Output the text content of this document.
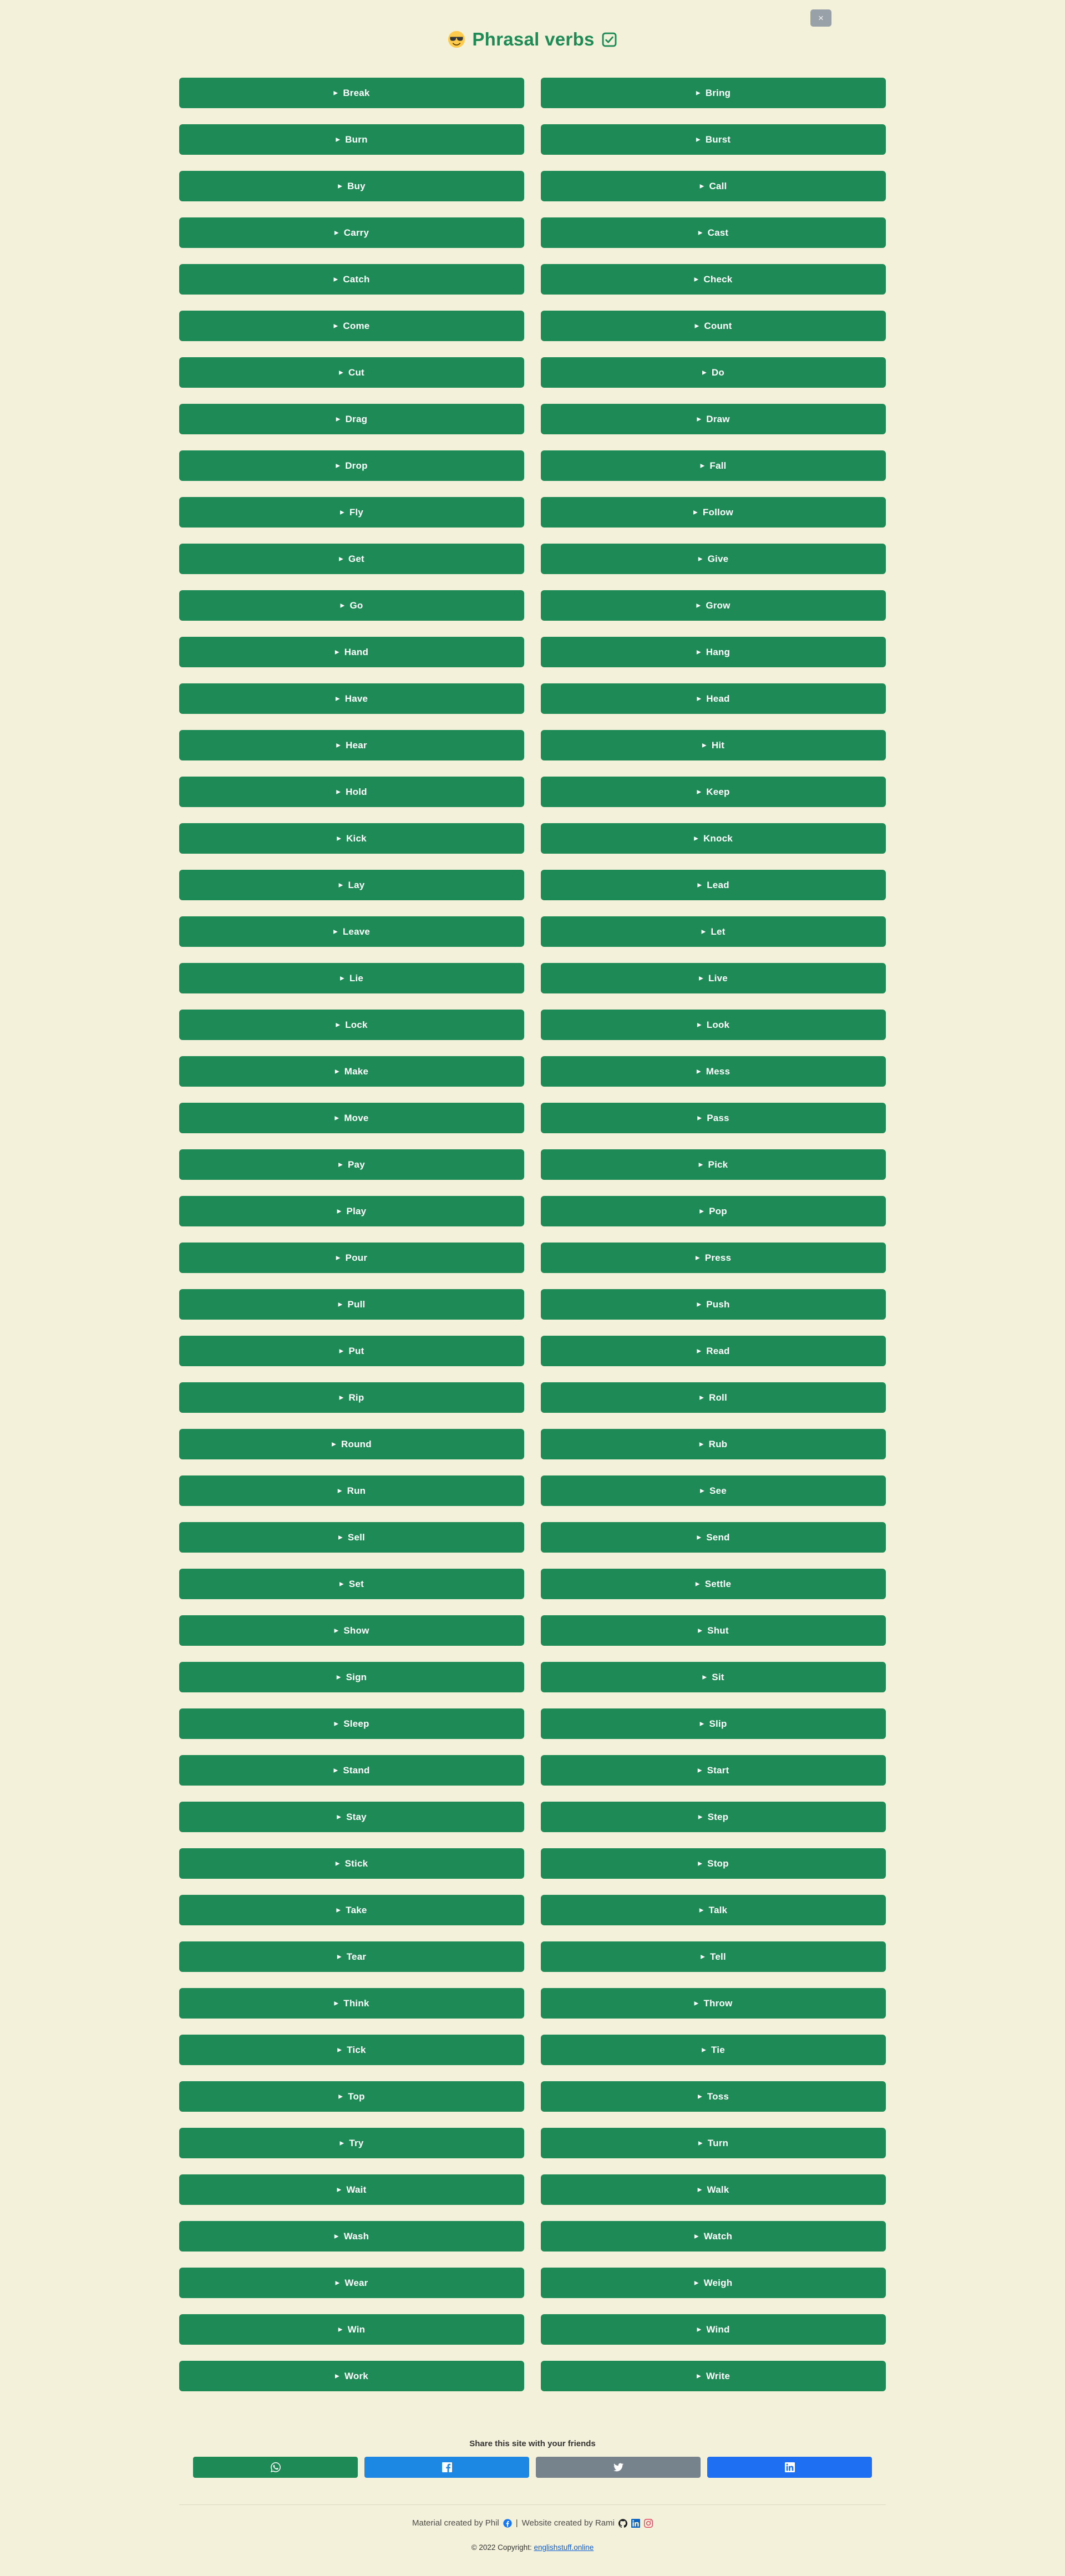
×
Phrasal verbs
▶ Break	▶ Bring
▶ Burn	▶ Burst
▶ Buy	▶ Call
▶ Carry	▶ Cast
▶ Catch	▶ Check
▶ Come	▶ Count
▶ Cut	▶ Do
▶ Drag	▶ Draw
▶ Drop	▶ Fall
▶ Fly	▶ Follow
▶ Get	▶ Give
▶ Go	▶ Grow
▶ Hand	▶ Hang
▶ Have	▶ Head
▶ Hear	▶ Hit
▶ Hold	▶ Keep
▶ Kick	▶ Knock
▶ Lay	▶ Lead
▶ Leave	▶ Let
▶ Lie	▶ Live
▶ Lock	▶ Look
▶ Make	▶ Mess
▶ Move	▶ Pass
▶ Pay	▶ Pick
▶ Play	▶ Pop
▶ Pour	▶ Press
▶ Pull	▶ Push
▶ Put	▶ Read
▶ Rip	▶ Roll
▶ Round	▶ Rub
▶ Run	▶ See
▶ Sell	▶ Send
▶ Set	▶ Settle
▶ Show	▶ Shut
▶ Sign	▶ Sit
▶ Sleep	▶ Slip
▶ Stand	▶ Start
▶ Stay	▶ Step
▶ Stick	▶ Stop
▶ Take	▶ Talk
▶ Tear	▶ Tell
▶ Think	▶ Throw
▶ Tick	▶ Tie
▶ Top	▶ Toss
▶ Try	▶ Turn
▶ Wait	▶ Walk
▶ Wash	▶ Watch
▶ Wear	▶ Weigh
▶ Win	▶ Wind
▶ Work	▶ Write
Share this site with your friends
Material created by Phil | Website created by Rami
© 2022 Copyright: englishstuff.online
